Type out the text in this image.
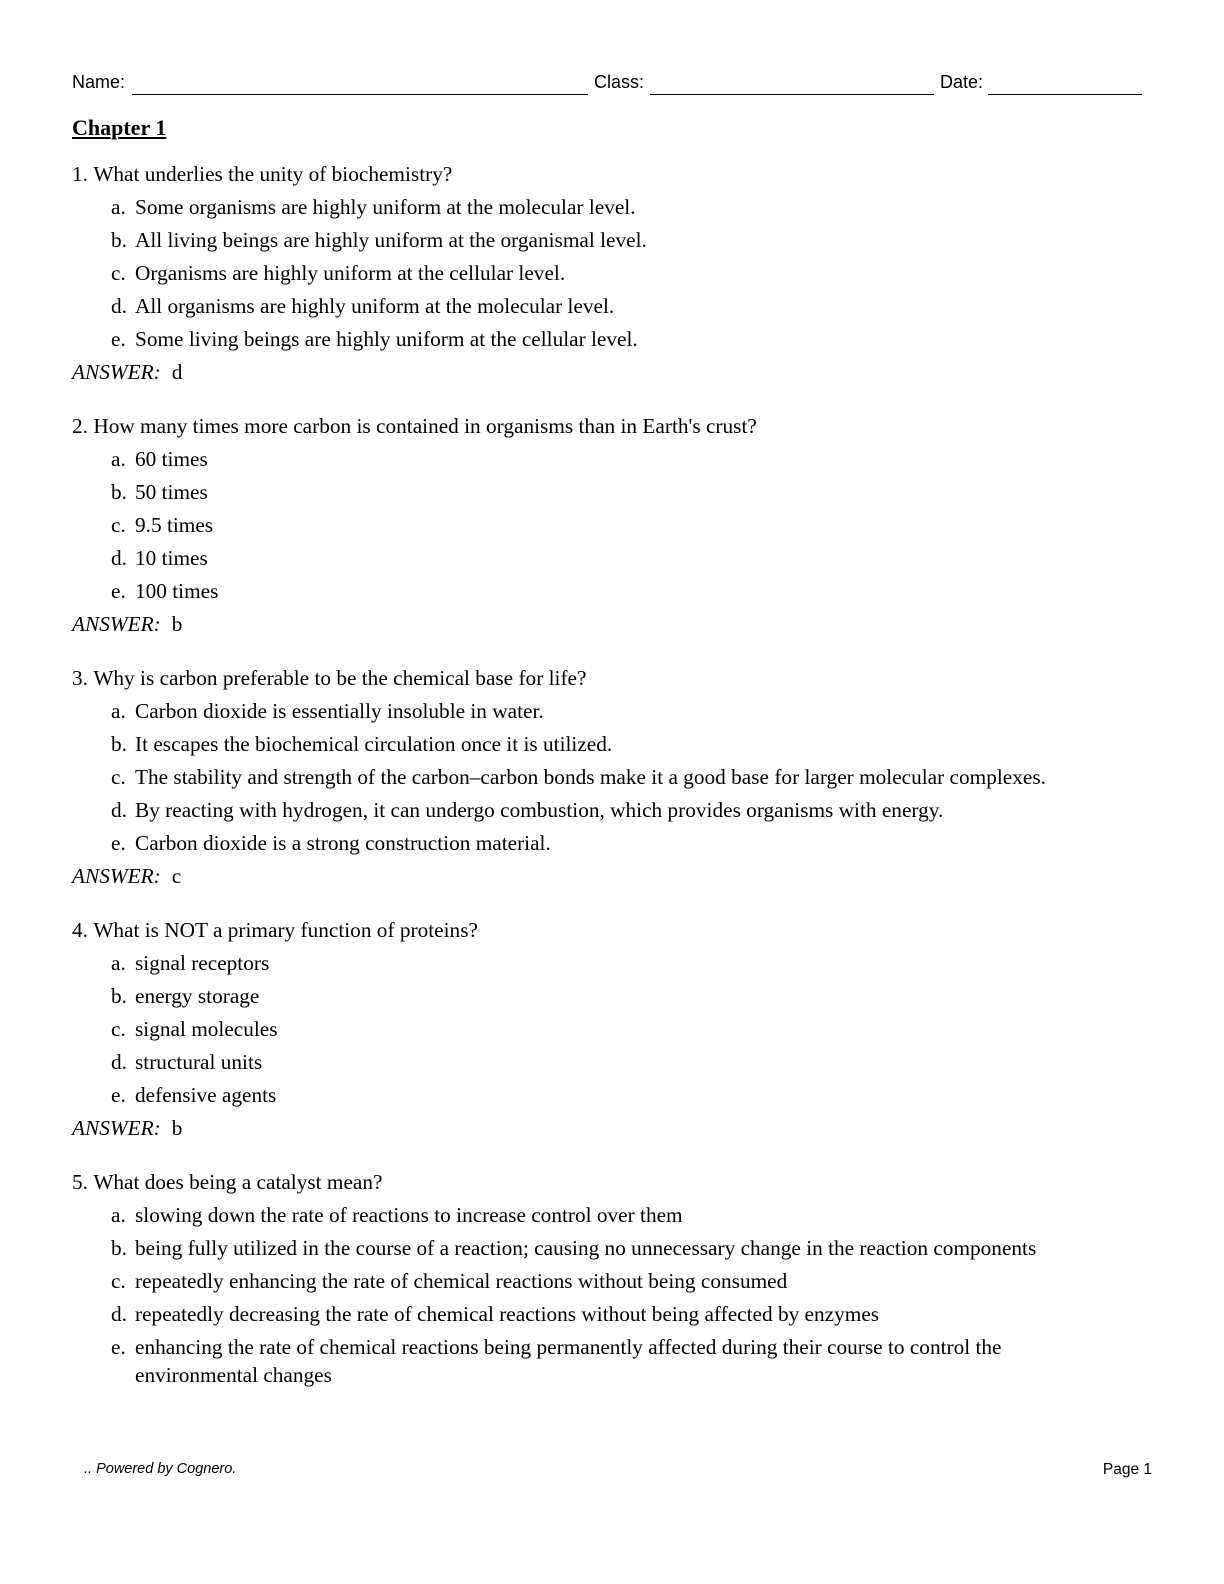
Name:	Class:	Date:
Chapter 1
1. What underlies the unity of biochemistry?
a. Some organisms are highly uniform at the molecular level.
b. All living beings are highly uniform at the organismal level.
c. Organisms are highly uniform at the cellular level.
d. All organisms are highly uniform at the molecular level.
e. Some living beings are highly uniform at the cellular level.
ANSWER: d
2. How many times more carbon is contained in organisms than in Earth's crust?
a. 60 times
b. 50 times
c. 9.5 times
d. 10 times
e. 100 times
ANSWER: b
3. Why is carbon preferable to be the chemical base for life?
a. Carbon dioxide is essentially insoluble in water.
b. It escapes the biochemical circulation once it is utilized.
c. The stability and strength of the carbon–carbon bonds make it a good base for larger molecular complexes.
d. By reacting with hydrogen, it can undergo combustion, which provides organisms with energy.
e. Carbon dioxide is a strong construction material.
ANSWER: c
4. What is NOT a primary function of proteins?
a. signal receptors
b. energy storage
c. signal molecules
d. structural units
e. defensive agents
ANSWER: b
5. What does being a catalyst mean?
a. slowing down the rate of reactions to increase control over them
b. being fully utilized in the course of a reaction; causing no unnecessary change in the reaction components
c. repeatedly enhancing the rate of chemical reactions without being consumed
d. repeatedly decreasing the rate of chemical reactions without being affected by enzymes
e. enhancing the rate of chemical reactions being permanently affected during their course to control the environmental changes
.. Powered by Cognero.	Page 1
